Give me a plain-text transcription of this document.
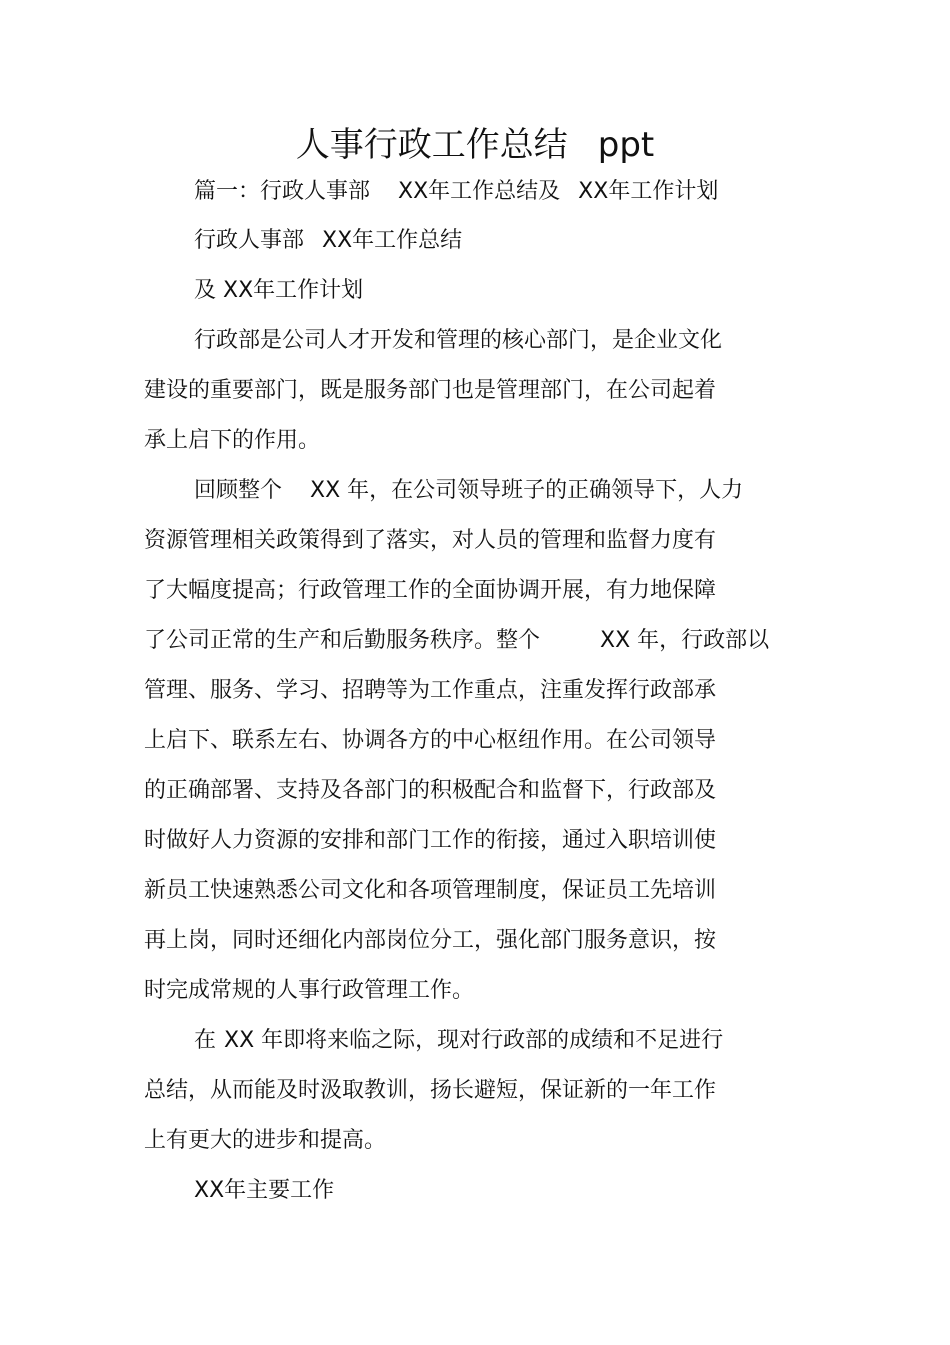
人事行政工作总结 ppt
篇一：行政人事部 XX年工作总结及 XX年工作计划
行政人事部 XX年工作总结
及 XX年工作计划
行政部是公司人才开发和管理的核心部门，是企业文化
建设的重要部门，既是服务部门也是管理部门，在公司起着
承上启下的作用。
回顾整个 XX 年，在公司领导班子的正确领导下，人力
资源管理相关政策得到了落实，对人员的管理和监督力度有
了大幅度提高；行政管理工作的全面协调开展，有力地保障
了公司正常的生产和后勤服务秩序。整个	XX 年，行政部以
管理、服务、学习、招聘等为工作重点，注重发挥行政部承
上启下、联系左右、协调各方的中心枢纽作用。在公司领导
的正确部署、支持及各部门的积极配合和监督下，行政部及
时做好人力资源的安排和部门工作的衔接，通过入职培训使
新员工快速熟悉公司文化和各项管理制度，保证员工先培训
再上岗，同时还细化内部岗位分工，强化部门服务意识，按
时完成常规的人事行政管理工作。
在 XX 年即将来临之际，现对行政部的成绩和不足进行
总结，从而能及时汲取教训，扬长避短，保证新的一年工作
上有更大的进步和提高。
XX年主要工作
